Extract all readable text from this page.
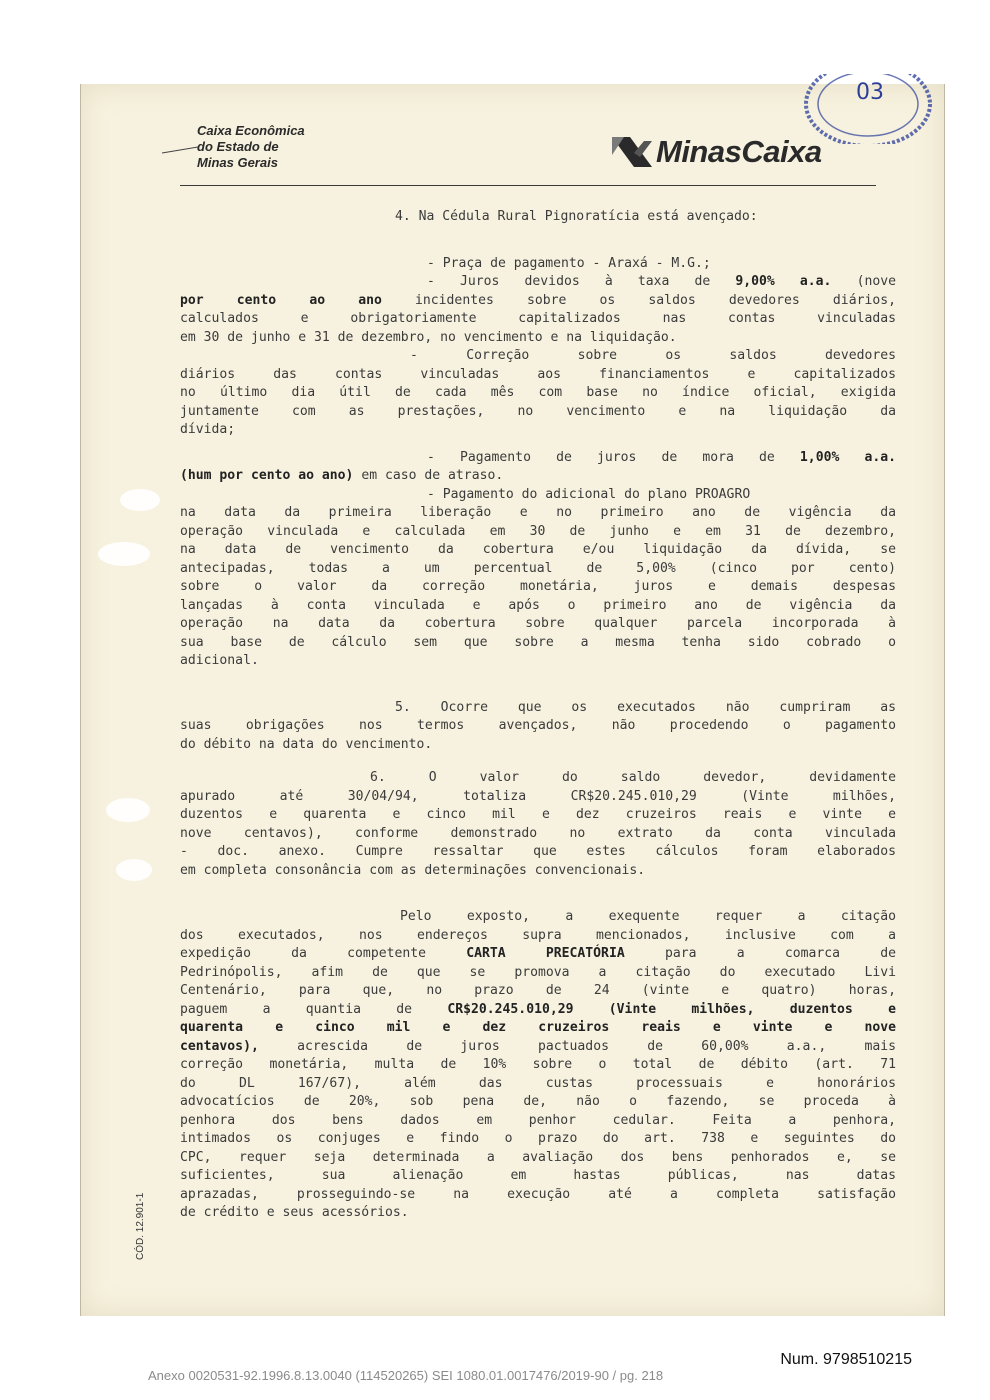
Caixa Econômica
do Estado de
Minas Gerais	MinasCaixa
03
4. Na Cédula Rural Pignoratícia está avençado:
- Praça de pagamento - Araxá - M.G.;
- Juros devidos à taxa de 9,00% a.a. (nove
por cento ao ano	incidentes sobre os saldos devedores diários,
calculados e obrigatoriamente capitalizados nas contas vinculadas
em 30 de junho e 31 de dezembro, no vencimento e na liquidação.
- Correção sobre os saldos devedores
diários das contas vinculadas aos financiamentos e capitalizados
no último dia útil de cada mês com base no índice oficial, exigida
juntamente com as prestações, no vencimento e na liquidação da
dívida;
- Pagamento de juros de mora de 1,00% a.a.
(hum por cento ao ano) em caso de atraso.
- Pagamento do adicional do plano PROAGRO
na data da primeira liberação e no primeiro ano de vigência da
operação vinculada e calculada em 30 de junho e em 31 de dezembro,
na data de vencimento da cobertura e/ou liquidação da dívida, se
antecipadas, todas a um percentual de 5,00% (cinco por cento)
sobre o valor da correção monetária, juros e demais despesas
lançadas à conta vinculada e após o primeiro ano de vigência da
operação na data da cobertura sobre qualquer parcela incorporada à
sua base de cálculo sem que sobre a mesma tenha sido cobrado o
adicional.
5. Ocorre que os executados não cumpriram as
suas obrigações nos termos avençados, não procedendo o pagamento
do débito na data do vencimento.
6. O valor do saldo devedor, devidamente
apurado até 30/04/94, totaliza CR$20.245.010,29 (Vinte milhões,
duzentos e quarenta e cinco mil e dez cruzeiros reais e vinte e
nove centavos), conforme demonstrado no extrato da conta vinculada
- doc. anexo. Cumpre ressaltar que estes cálculos foram elaborados
em completa consonância com as determinações convencionais.
Pelo exposto, a exequente requer a citação
dos executados, nos endereços supra mencionados, inclusive com a
expedição da competente	CARTA PRECATÓRIA	para a comarca de
Pedrinópolis, afim de que se promova a citação do executado Livi
Centenário, para que, no prazo de 24 (vinte e quatro) horas,
paguem a quantia de	CR$20.245.010,29 (Vinte milhões, duzentos e
quarenta e cinco mil e dez cruzeiros reais e vinte e nove
centavos),	acrescida de juros pactuados de 60,00% a.a., mais
correção monetária, multa de 10% sobre o total de débito (art. 71
do DL 167/67), além das custas processuais e honorários
advocatícios de 20%, sob pena de, não o fazendo, se proceda à
penhora dos bens dados em penhor cedular. Feita a penhora,
intimados os conjuges e findo o prazo do art. 738 e seguintes do
CPC, requer seja determinada a avaliação dos bens penhorados e, se
suficientes, sua alienação em hastas públicas, nas datas
aprazadas, prosseguindo-se na execução até a completa satisfação
de crédito e seus acessórios.
CÓD. 12.901-1
Num. 9798510215
Anexo 0020531-92.1996.8.13.0040 (114520265) SEI 1080.01.0017476/2019-90 / pg. 218
